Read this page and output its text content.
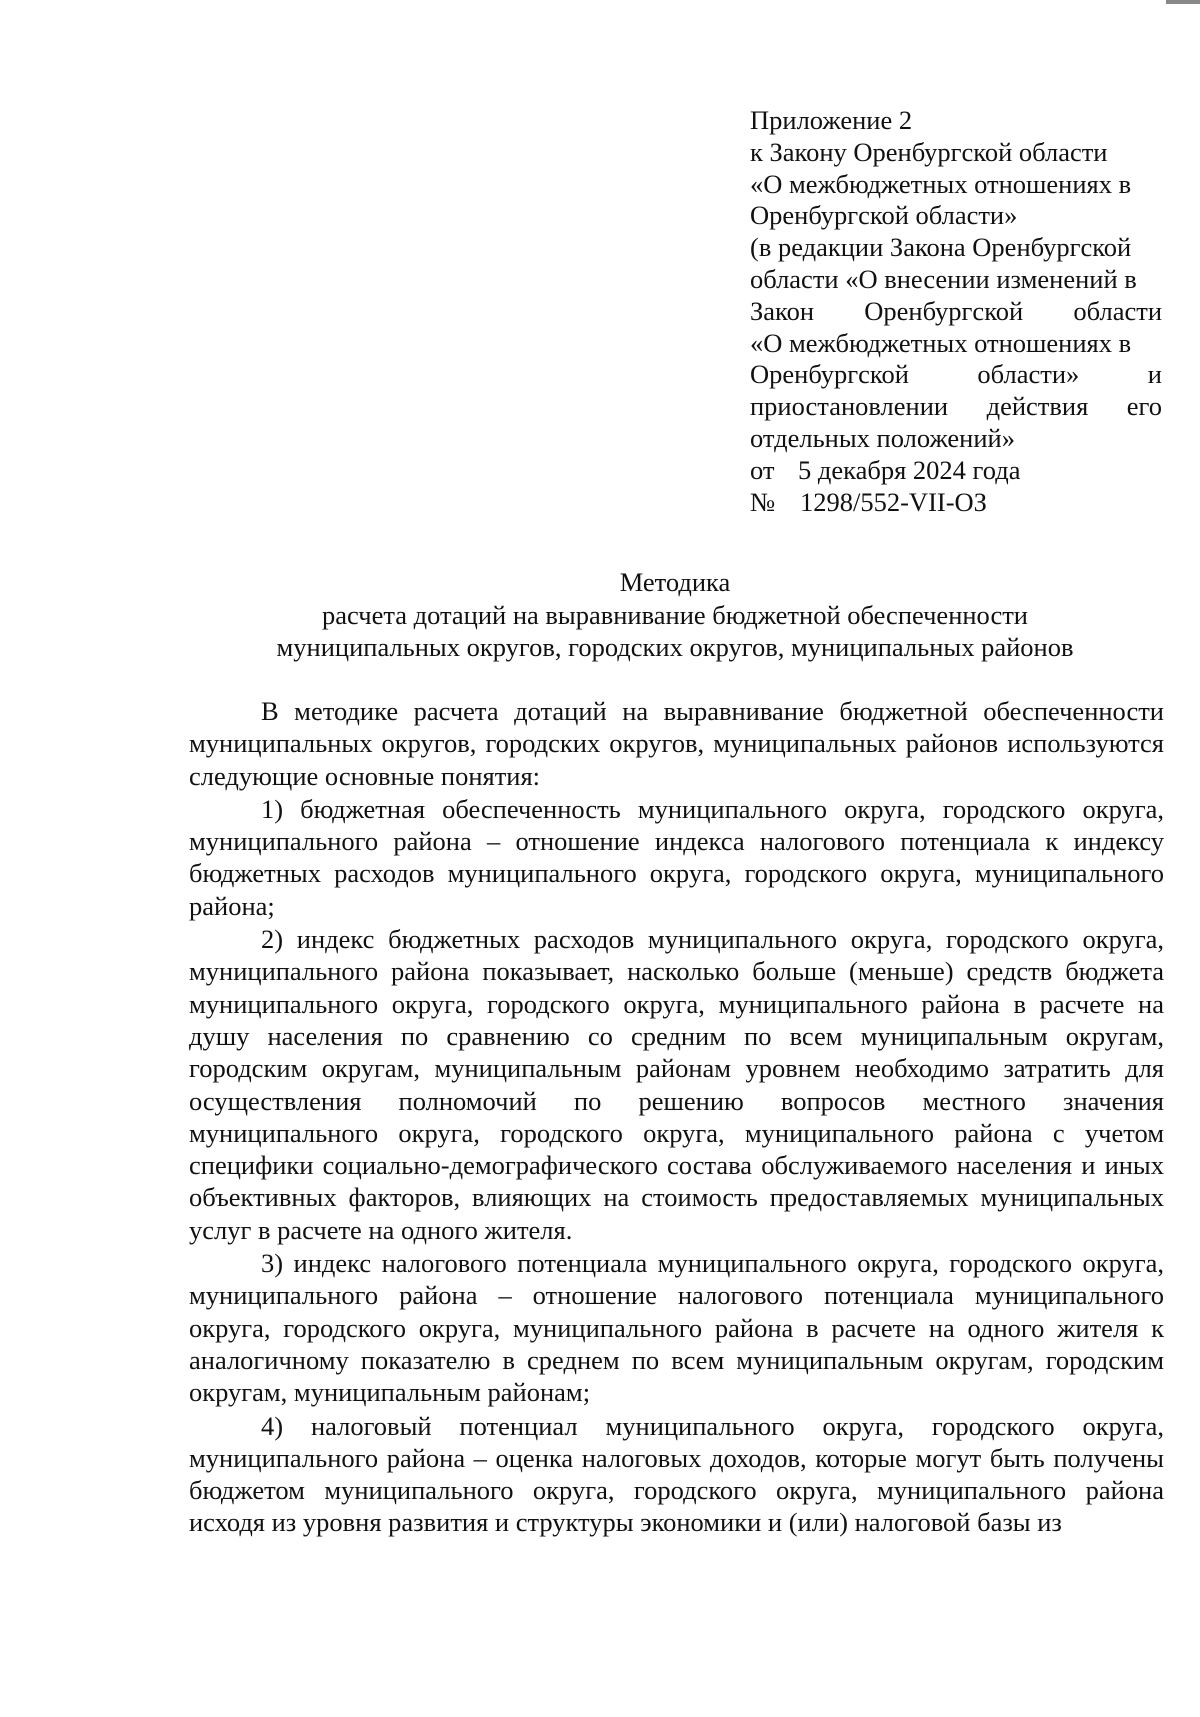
Приложение 2
к Закону Оренбургской области
«О межбюджетных отношениях в
Оренбургской области»
(в редакции Закона Оренбургской
области «О внесении изменений в
Закон Оренбургской области
«О межбюджетных отношениях в
Оренбургской области» и
приостановлении действия его
отдельных положений»
от 5 декабря 2024 года
№ 1298/552-VII-ОЗ
Методика
расчета дотаций на выравнивание бюджетной обеспеченности
муниципальных округов, городских округов, муниципальных районов

В методике расчета дотаций на выравнивание бюджетной обеспеченности муниципальных округов, городских округов, муниципальных районов используются следующие основные понятия:

1) бюджетная обеспеченность муниципального округа, городского округа, муниципального района – отношение индекса налогового потенциала к индексу бюджетных расходов муниципального округа, городского округа, муниципального района;

2) индекс бюджетных расходов муниципального округа, городского округа, муниципального района показывает, насколько больше (меньше) средств бюджета муниципального округа, городского округа, муниципального района в расчете на душу населения по сравнению со средним по всем муниципальным округам, городским округам, муниципальным районам уровнем необходимо затратить для осуществления полномочий по решению вопросов местного значения муниципального округа, городского округа, муниципального района с учетом специфики социально-демографического состава обслуживаемого населения и иных объективных факторов, влияющих на стоимость предоставляемых муниципальных услуг в расчете на одного жителя.

3) индекс налогового потенциала муниципального округа, городского округа, муниципального района – отношение налогового потенциала муниципального округа, городского округа, муниципального района в расчете на одного жителя к аналогичному показателю в среднем по всем муниципальным округам, городским округам, муниципальным районам;

4) налоговый потенциал муниципального округа, городского округа, муниципального района – оценка налоговых доходов, которые могут быть получены бюджетом муниципального округа, городского округа, муниципального района исходя из уровня развития и структуры экономики и (или) налоговой базы из
